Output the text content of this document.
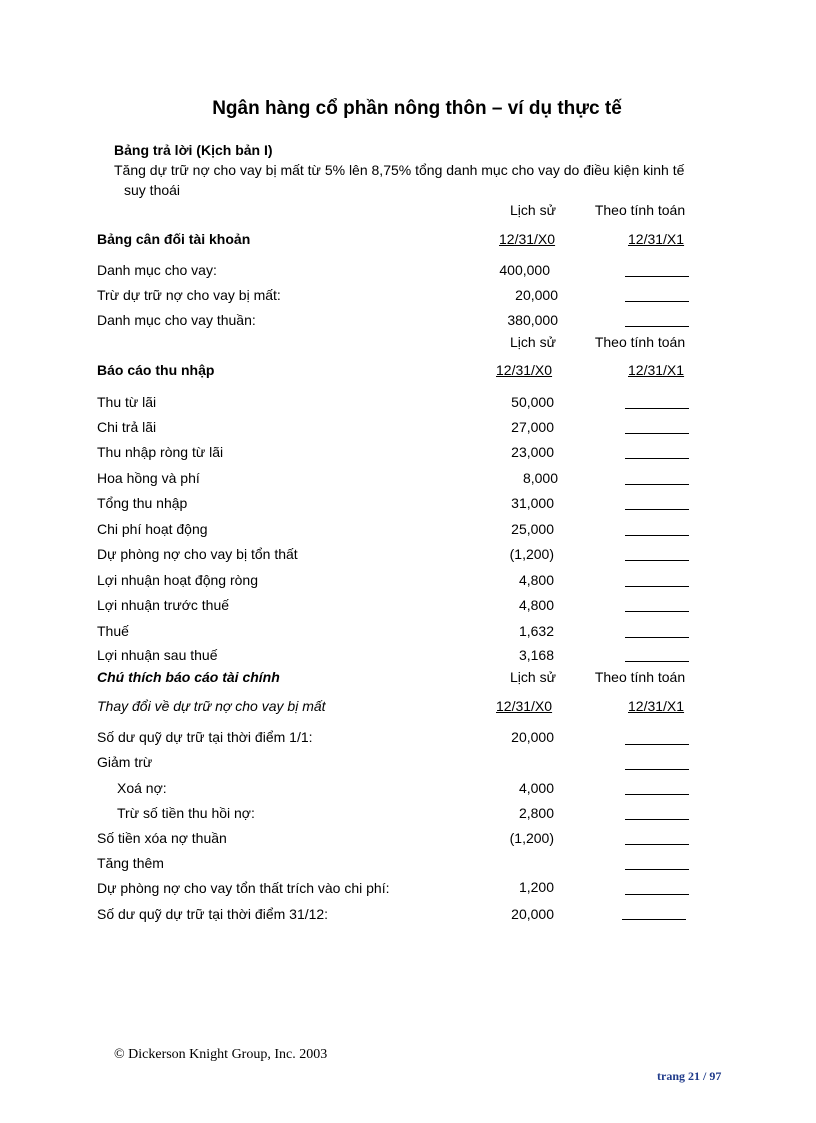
Ngân hàng cổ phần nông thôn – ví dụ thực tế
Bảng trả lời (Kịch bản I)
Tăng dự trữ nợ cho vay bị mất từ 5% lên 8,75% tổng danh mục cho vay do điều kiện kinh tế
suy thoái
Lịch sử	Theo tính toán
Bảng cân đối tài khoản	12/31/X0	12/31/X1
Danh mục cho vay:	400,000
Trừ dự trữ nợ cho vay bị mất:	20,000
Danh mục cho vay thuần:	380,000
Lịch sử	Theo tính toán
Báo cáo thu nhập	12/31/X0	12/31/X1
Thu từ lãi	50,000
Chi trả lãi	27,000
Thu nhập ròng từ lãi	23,000
Hoa hồng và phí	8,000
Tổng thu nhập	31,000
Chi phí hoạt động	25,000
Dự phòng nợ cho vay bị tổn thất	(1,200)
Lợi nhuận hoạt động ròng	4,800
Lợi nhuận trước thuế	4,800
Thuế	1,632
Lợi nhuận sau thuế	3,168
Chú thích báo cáo tài chính	Lịch sử	Theo tính toán
Thay đổi về dự trữ nợ cho vay bị mất	12/31/X0	12/31/X1
Số dư quỹ dự trữ tại thời điểm 1/1:	20,000
Giảm trừ
Xoá nợ:	4,000
Trừ số tiền thu hồi nợ:	2,800
Số tiền xóa nợ thuần	(1,200)
Tăng thêm
Dự phòng nợ cho vay tổn thất trích vào chi phí:	1,200
Số dư quỹ dự trữ tại thời điểm 31/12:	20,000
© Dickerson Knight Group, Inc. 2003
trang 21 / 97
